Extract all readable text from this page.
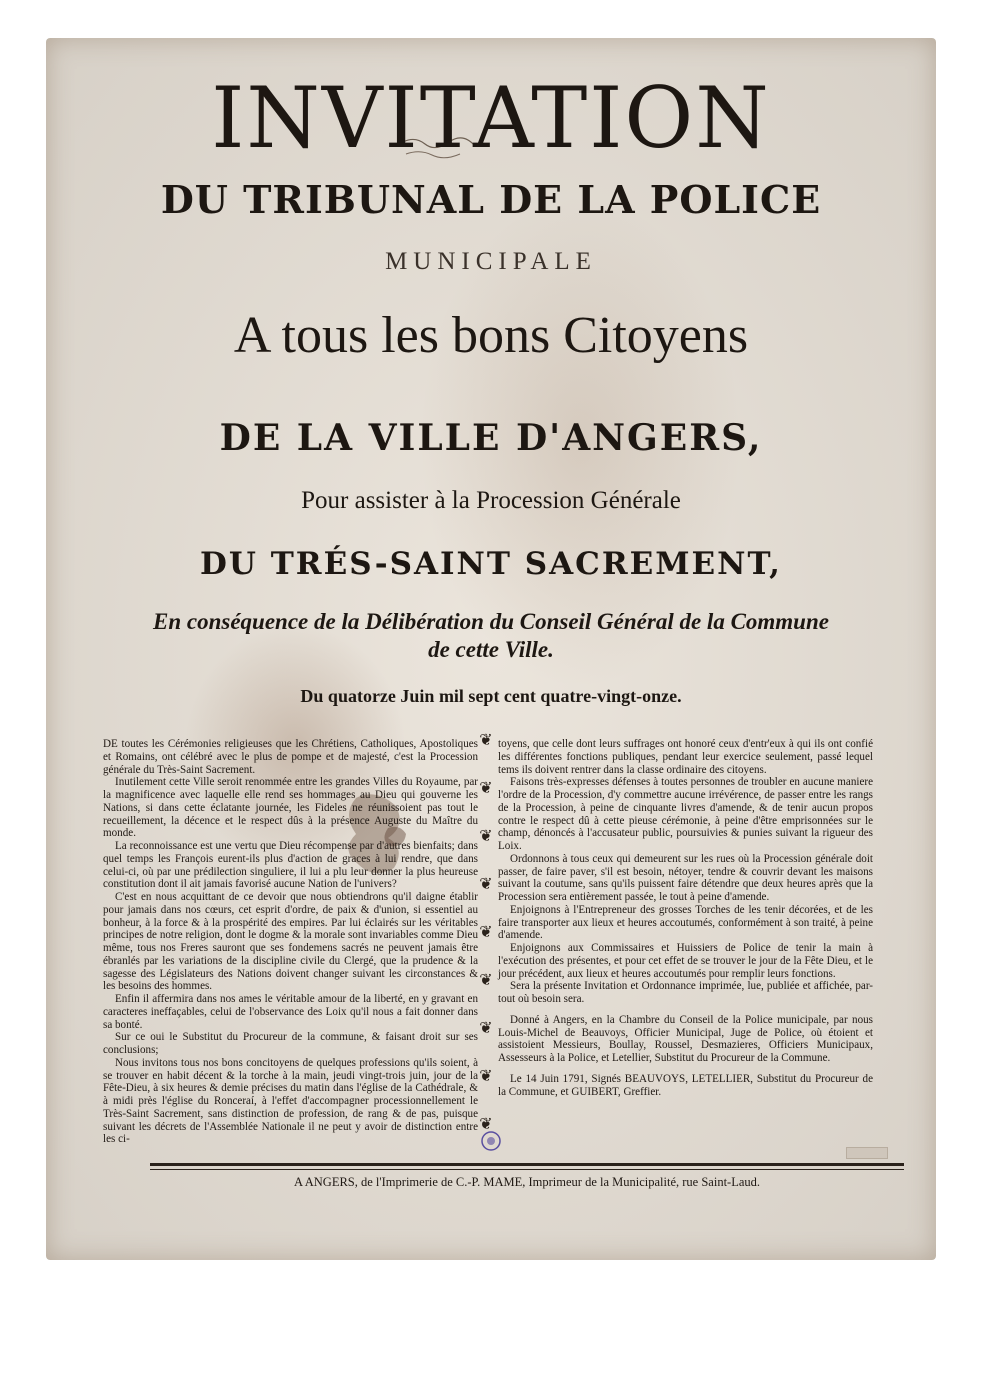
INVITATION
DU TRIBUNAL DE LA POLICE
MUNICIPALE
A tous les bons Citoyens
DE LA VILLE D'ANGERS,
Pour assister à la Procession Générale
DU TRÉS-SAINT SACREMENT,
En conséquence de la Délibération du Conseil Général de la Commune de cette Ville.
Du quatorze Juin mil sept cent quatre-vingt-onze.

DE toutes les Cérémonies religieuses que les Chrétiens, Catholiques, Apostoliques et Romains, ont célébré avec le plus de pompe et de majesté, c'est la Procession générale du Très-Saint Sacrement.

Inutilement cette Ville seroit renommée entre les grandes Villes du Royaume, par la magnificence avec laquelle elle rend ses hommages au Dieu qui gouverne les Nations, si dans cette éclatante journée, les Fideles ne réunissoient pas tout le recueillement, la décence et le respect dûs à la présence Auguste du Maître du monde.

La reconnoissance est une vertu que Dieu récompense par d'autres bienfaits; dans quel temps les François eurent-ils plus d'action de graces à lui rendre, que dans celui-ci, où par une prédilection singuliere, il lui a plu leur donner la plus heureuse constitution dont il ait jamais favorisé aucune Nation de l'univers?

C'est en nous acquittant de ce devoir que nous obtiendrons qu'il daigne établir pour jamais dans nos cœurs, cet esprit d'ordre, de paix & d'union, si essentiel au bonheur, à la force & à la prospérité des empires. Par lui éclairés sur les véritables principes de notre religion, dont le dogme & la morale sont invariables comme Dieu même, tous nos Freres sauront que ses fondemens sacrés ne peuvent jamais être ébranlés par les variations de la discipline civile du Clergé, que la prudence & la sagesse des Législateurs des Nations doivent changer suivant les circonstances & les besoins des hommes.

Enfin il affermira dans nos ames le véritable amour de la liberté, en y gravant en caracteres ineffaçables, celui de l'observance des Loix qu'il nous a fait donner dans sa bonté.

Sur ce oui le Substitut du Procureur de la commune, & faisant droit sur ses conclusions;

Nous invitons tous nos bons concitoyens de quelques professions qu'ils soient, à se trouver en habit décent & la torche à la main, jeudi vingt-trois juin, jour de la Fête-Dieu, à six heures & demie précises du matin dans l'église de la Cathédrale, & à midi près l'église du Ronceraí, à l'effet d'accompagner processionnellement le Très-Saint Sacrement, sans distinction de profession, de rang & de pas, puisque suivant les décrets de l'Assemblée Nationale il ne peut y avoir de distinction entre les ci-

❦
❦
❦
❦
❦
❦
❦
❦
❦

toyens, que celle dont leurs suffrages ont honoré ceux d'entr'eux à qui ils ont confié les différentes fonctions publiques, pendant leur exercice seulement, passé lequel tems ils doivent rentrer dans la classe ordinaire des citoyens.

Faisons très-expresses défenses à toutes personnes de troubler en aucune maniere l'ordre de la Procession, d'y commettre aucune irrévérence, de passer entre les rangs de la Procession, à peine de cinquante livres d'amende, & de tenir aucun propos contre le respect dû à cette pieuse cérémonie, à peine d'être emprisonnées sur le champ, dénoncés à l'accusateur public, poursuivies & punies suivant la rigueur des Loix.

Ordonnons à tous ceux qui demeurent sur les rues où la Procession générale doit passer, de faire paver, s'il est besoin, nétoyer, tendre & couvrir devant les maisons suivant la coutume, sans qu'ils puissent faire détendre que deux heures après que la Procession sera entièrement passée, le tout à peine d'amende.

Enjoignons à l'Entrepreneur des grosses Torches de les tenir décorées, et de les faire transporter aux lieux et heures accoutumés, conformément à son traité, à peine d'amende.

Enjoignons aux Commissaires et Huissiers de Police de tenir la main à l'exécution des présentes, et pour cet effet de se trouver le jour de la Fête Dieu, et le jour précédent, aux lieux et heures accoutumés pour remplir leurs fonctions.

Sera la présente Invitation et Ordonnance imprimée, lue, publiée et affichée, par-tout où besoin sera.

Donné à Angers, en la Chambre du Conseil de la Police municipale, par nous Louis-Michel de Beauvoys, Officier Municipal, Juge de Police, où étoient et assistoient Messieurs, Boullay, Roussel, Desmazieres, Officiers Municipaux, Assesseurs à la Police, et Letellier, Substitut du Procureur de la Commune.

Le 14 Juin 1791, Signés BEAUVOYS, LETELLIER, Substitut du Procureur de la Commune, et GUIBERT, Greffier.

A ANGERS, de l'Imprimerie de C.-P. MAME, Imprimeur de la Municipalité, rue Saint-Laud.
